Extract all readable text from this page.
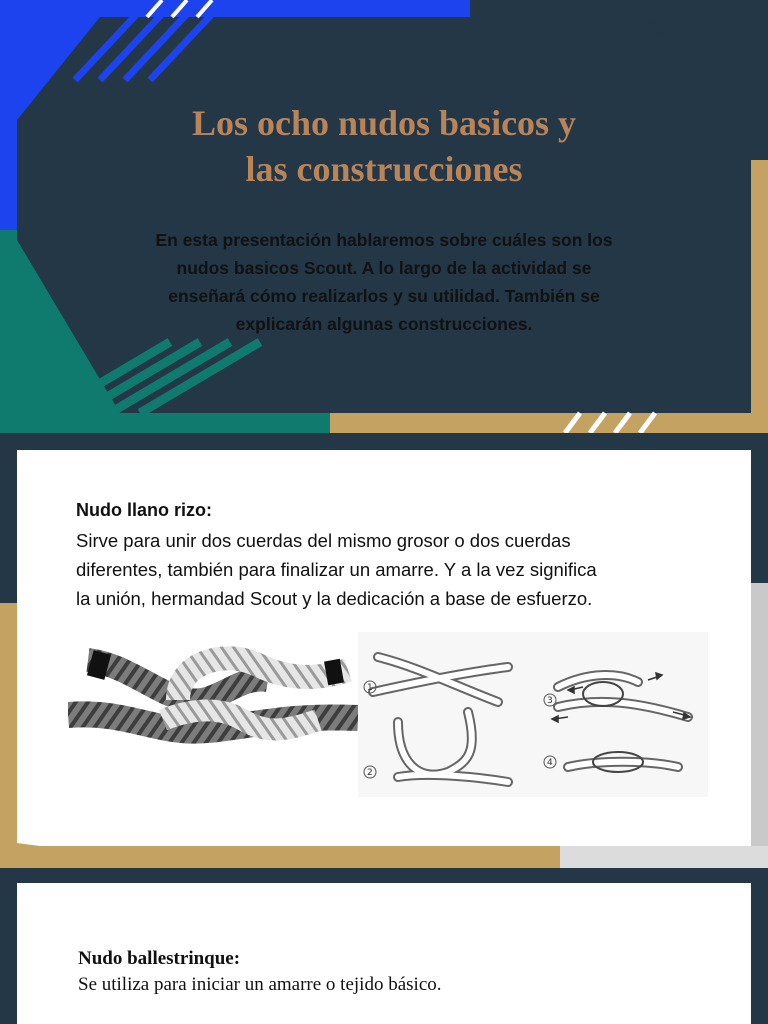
Los ocho nudos basicos y
las construcciones
En esta presentación hablaremos sobre cuáles son los
nudos basicos Scout. A lo largo de la actividad se
enseñará cómo realizarlos y su utilidad. También se
explicarán algunas construcciones.
Nudo llano rizo:
Sirve para unir dos cuerdas del mismo grosor o dos cuerdas
diferentes, también para finalizar un amarre. Y a la vez significa
la unión, hermandad Scout y la dedicación a base de esfuerzo.
1
2
3
4
Nudo ballestrinque:
Se utiliza para iniciar un amarre o tejido básico.
